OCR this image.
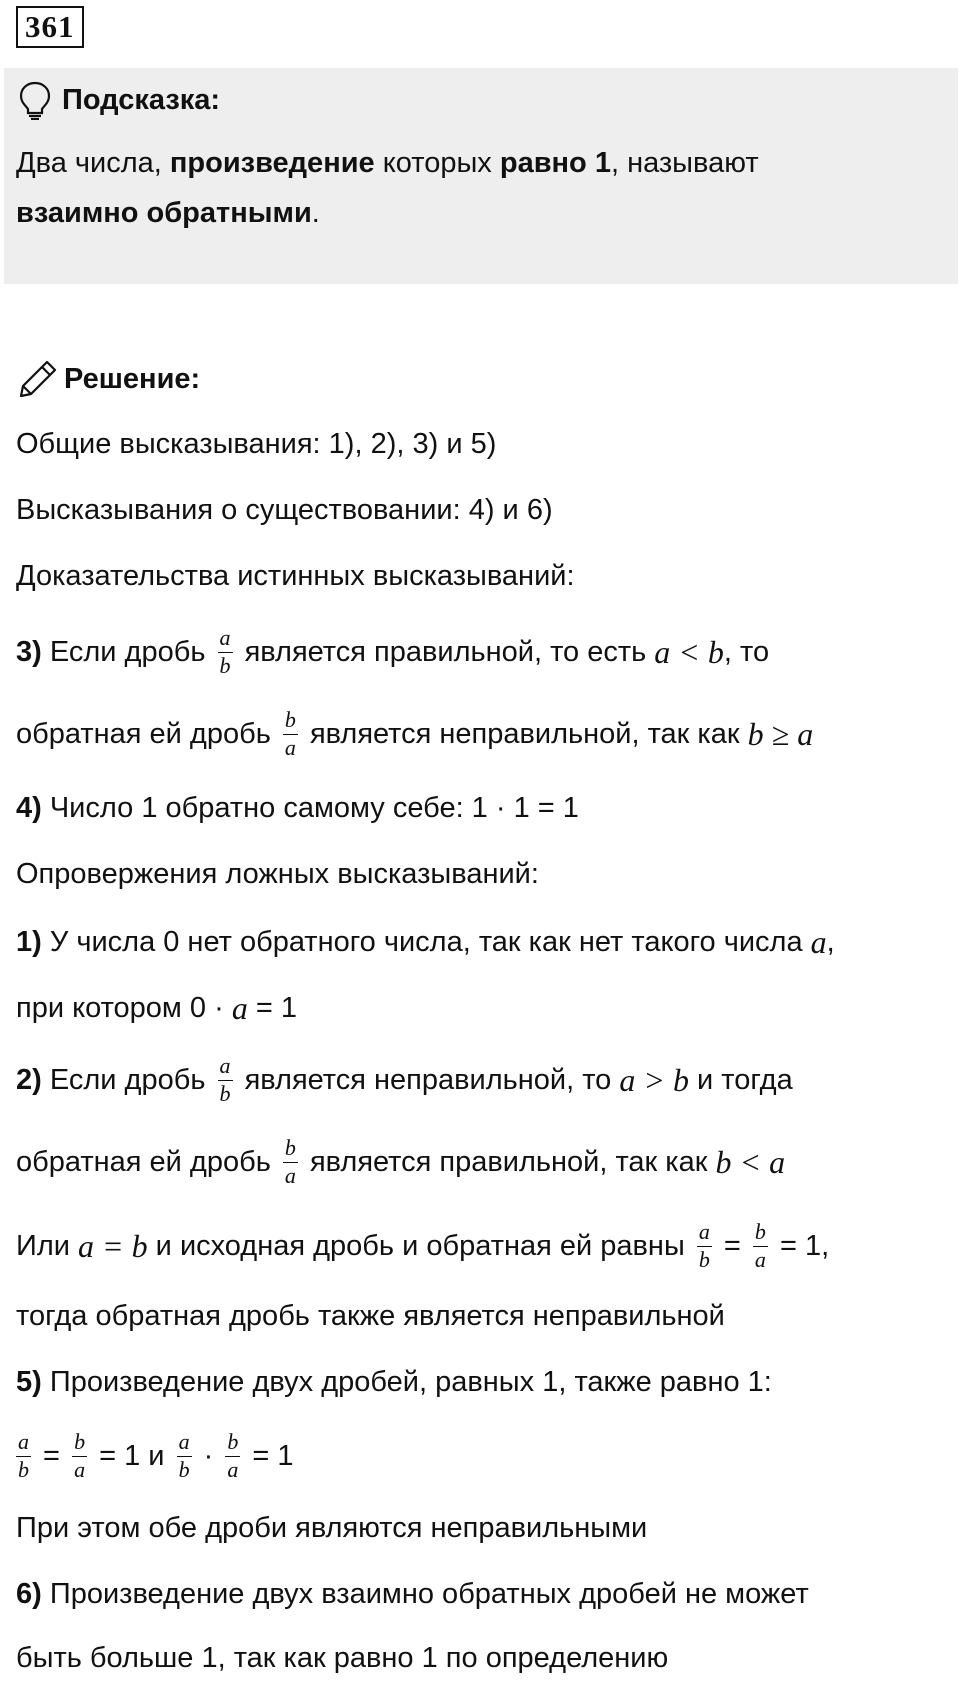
361
Подсказка:
Два числа, произведение которых равно 1, называют
взаимно обратными.
Решение:
Общие высказывания: 1), 2), 3) и 5)
Высказывания о существовании: 4) и 6)
Доказательства истинных высказываний:
3) Если дробь $\frac{a}{b}$ является правильной, то есть a < b , то
обратная ей дробь $\frac{b}{a}$ является неправильной, так как b ≥ a
4) Число 1 обратно самому себе: 1 · 1 = 1
Опровержения ложных высказываний:
1) У числа 0 нет обратного числа, так как нет такого числа a ,
при котором 0 · a = 1
2) Если дробь $\frac{a}{b}$ является неправильной, то a > b и тогда
обратная ей дробь $\frac{b}{a}$ является правильной, так как b < a
Или a = b и исходная дробь и обратная ей равны $\frac{a}{b} = \frac{b}{a} = 1$,
тогда обратная дробь также является неправильной
5) Произведение двух дробей, равных 1, также равно 1:
$\frac{a}{b} = \frac{b}{a} = 1$ и $\frac{a}{b} \cdot \frac{b}{a} = 1$
При этом обе дроби являются неправильными
6) Произведение двух взаимно обратных дробей не может
быть больше 1, так как равно 1 по определению
